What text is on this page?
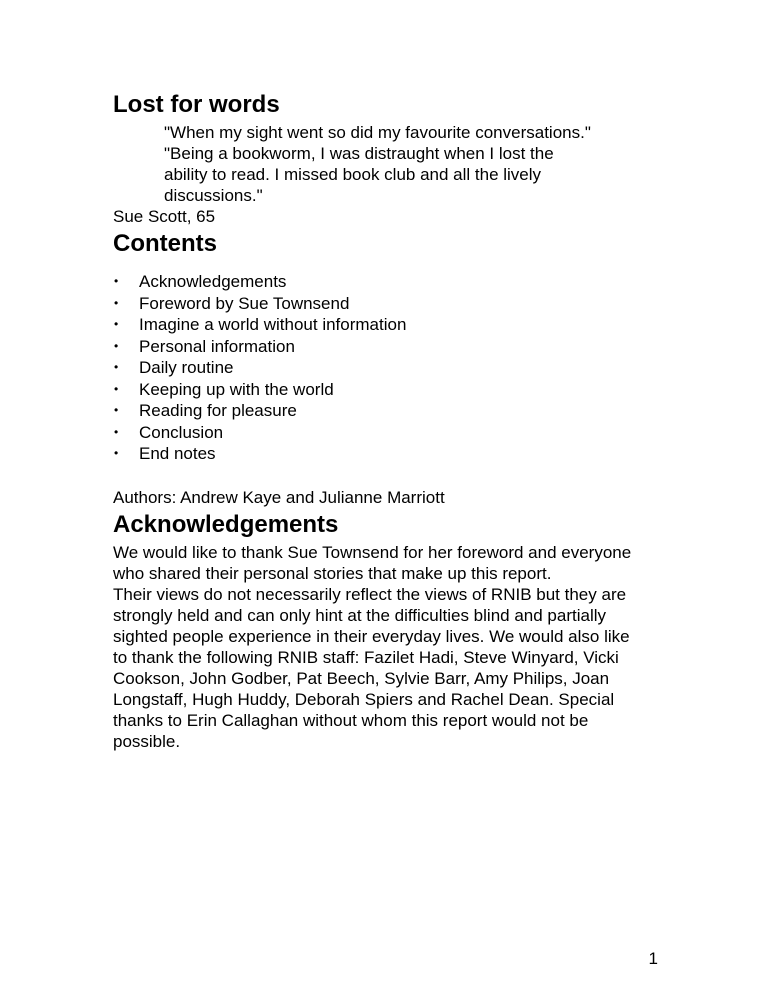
Lost for words

"When my sight went so did my favourite conversations."

"Being a bookworm, I was distraught when I lost the

ability to read. I missed book club and all the lively

discussions."

Sue Scott, 65

Contents
• Acknowledgements
• Foreword by Sue Townsend
• Imagine a world without information
• Personal information
• Daily routine
• Keeping up with the world
• Reading for pleasure
• Conclusion
• End notes

Authors: Andrew Kaye and Julianne Marriott

Acknowledgements

We would like to thank Sue Townsend for her foreword and everyone

who shared their personal stories that make up this report.

Their views do not necessarily reflect the views of RNIB but they are

strongly held and can only hint at the difficulties blind and partially

sighted people experience in their everyday lives. We would also like

to thank the following RNIB staff: Fazilet Hadi, Steve Winyard, Vicki

Cookson, John Godber, Pat Beech, Sylvie Barr, Amy Philips, Joan

Longstaff, Hugh Huddy, Deborah Spiers and Rachel Dean. Special

thanks to Erin Callaghan without whom this report would not be

possible.

1
